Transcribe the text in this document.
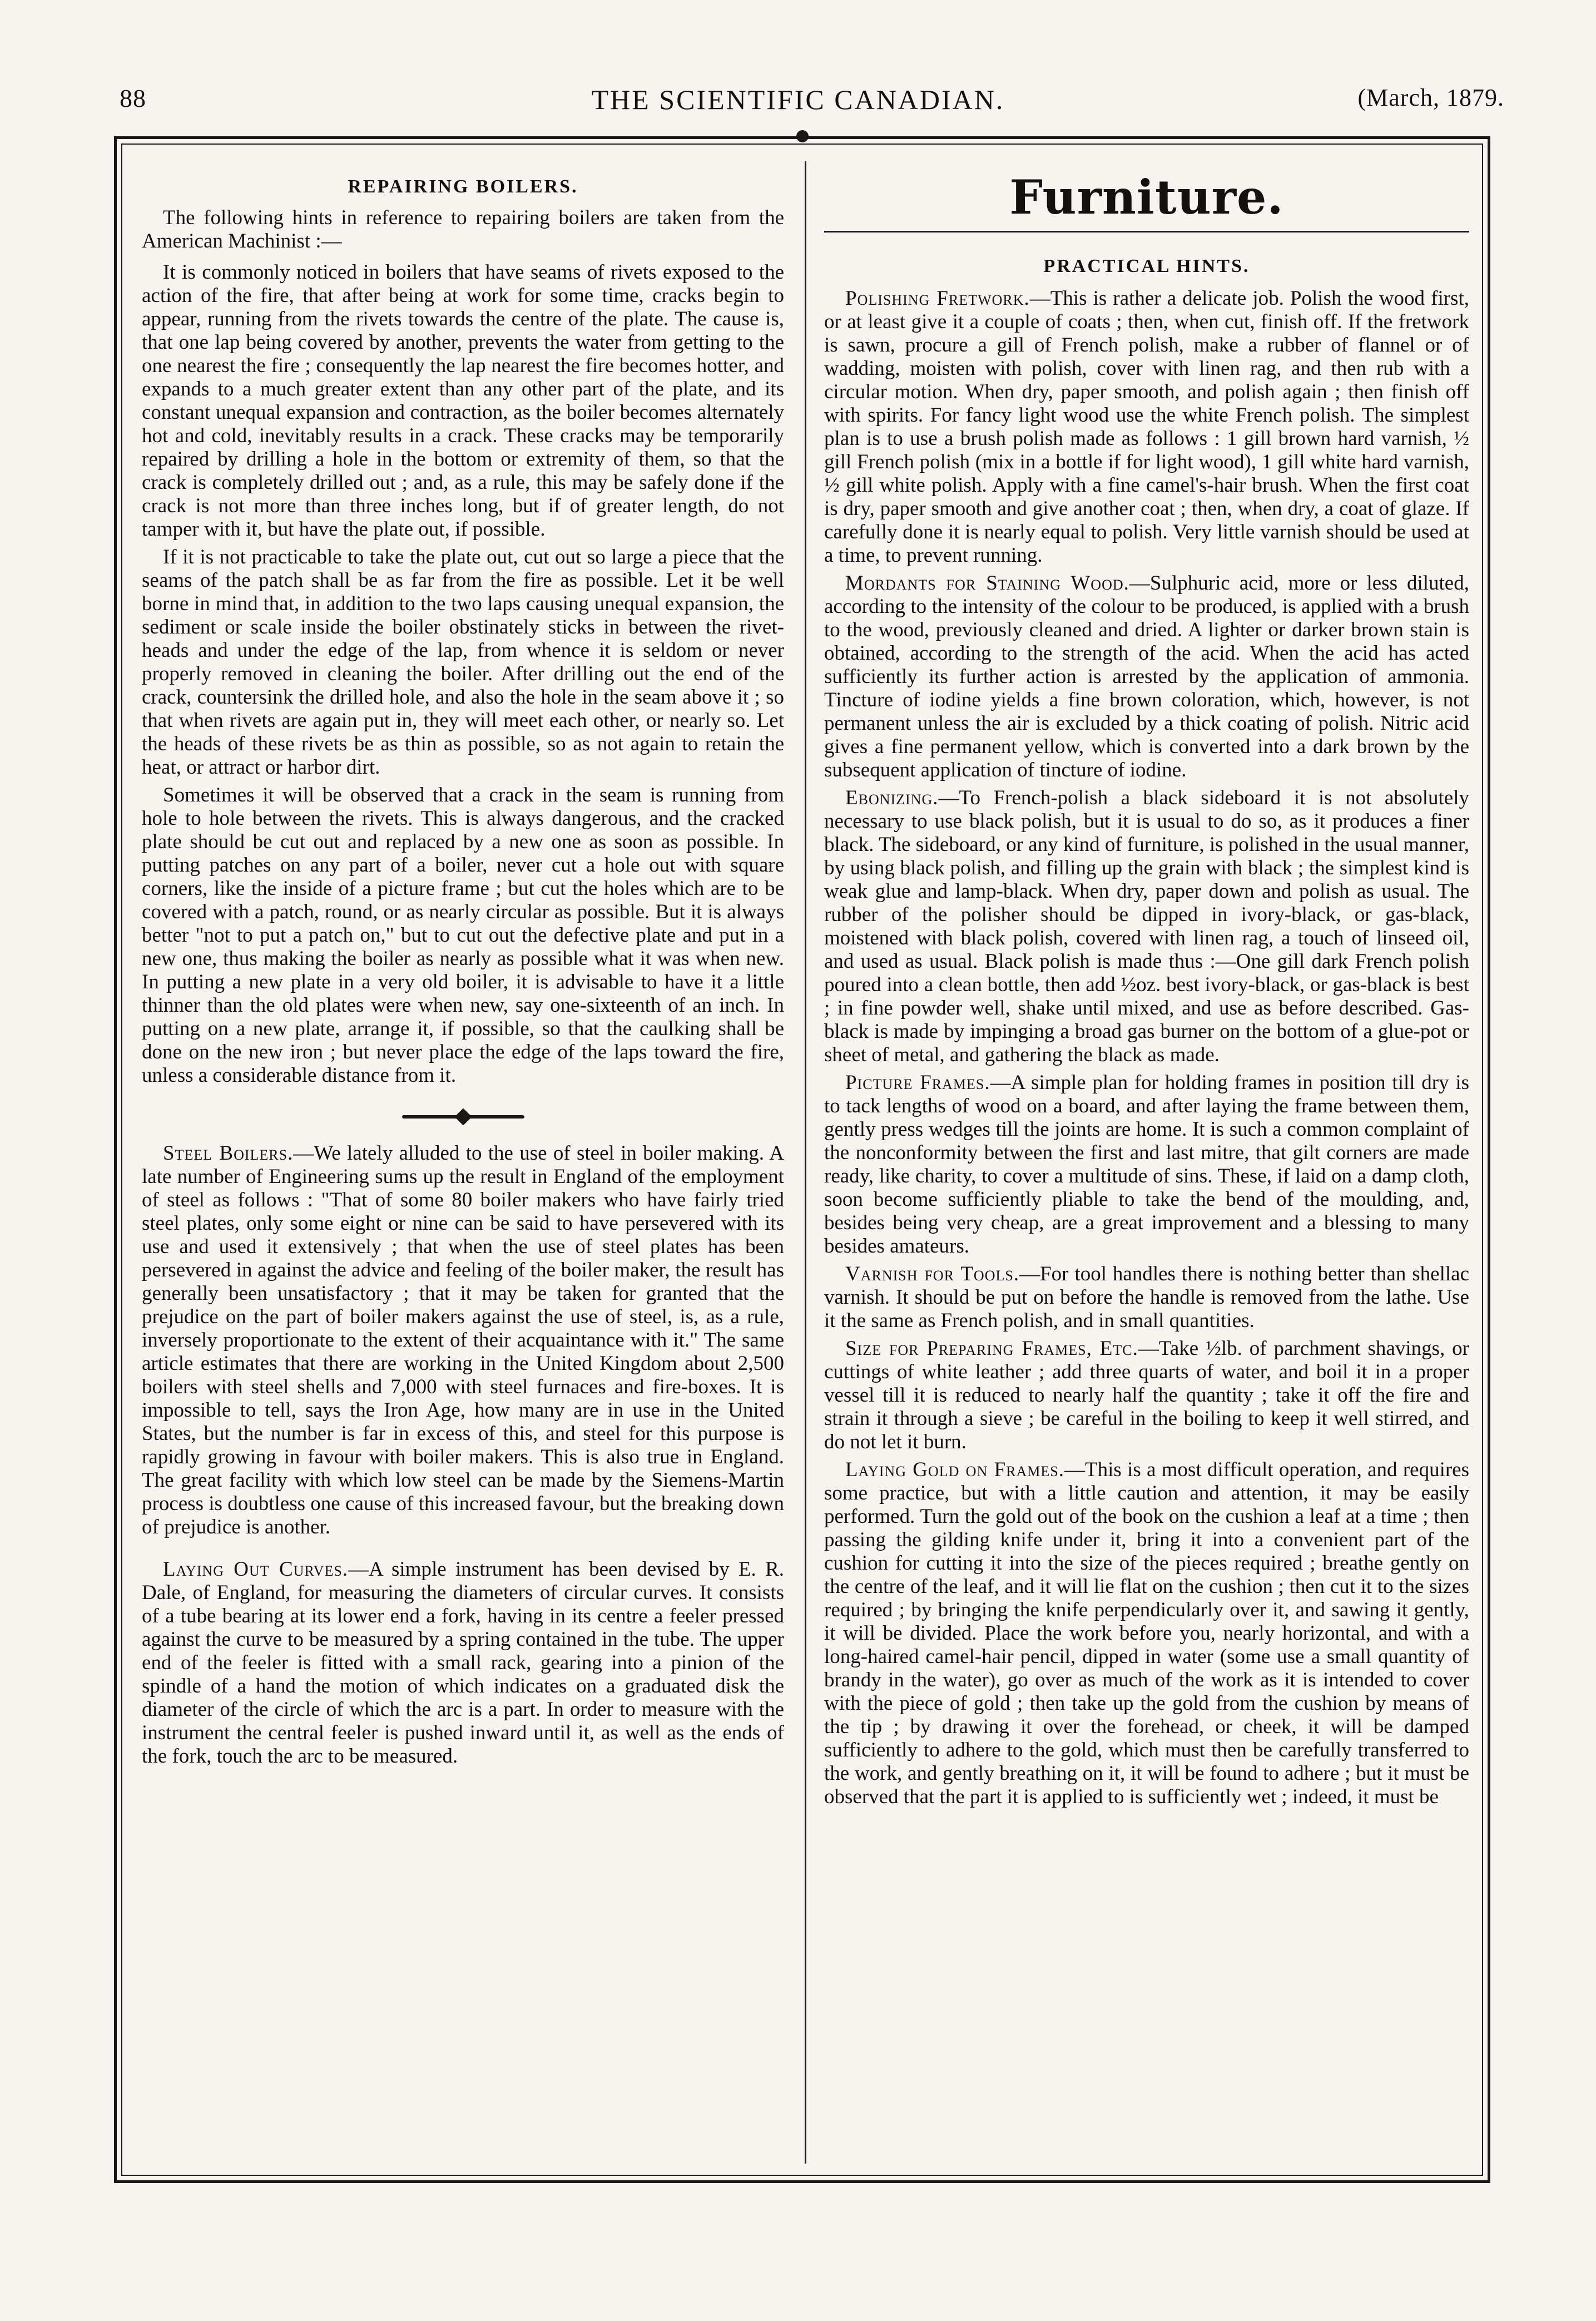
88	THE SCIENTIFIC CANADIAN.	(March, 1879.
REPAIRING BOILERS.

The following hints in reference to repairing boilers are taken from the American Machinist :—

It is commonly noticed in boilers that have seams of rivets exposed to the action of the fire, that after being at work for some time, cracks begin to appear, running from the rivets towards the centre of the plate. The cause is, that one lap being covered by another, prevents the water from getting to the one nearest the fire ; consequently the lap nearest the fire becomes hotter, and expands to a much greater extent than any other part of the plate, and its constant unequal expansion and contraction, as the boiler becomes alternately hot and cold, inevitably results in a crack. These cracks may be temporarily repaired by drilling a hole in the bottom or extremity of them, so that the crack is completely drilled out ; and, as a rule, this may be safely done if the crack is not more than three inches long, but if of greater length, do not tamper with it, but have the plate out, if possible.

If it is not practicable to take the plate out, cut out so large a piece that the seams of the patch shall be as far from the fire as possible. Let it be well borne in mind that, in addition to the two laps causing unequal expansion, the sediment or scale inside the boiler obstinately sticks in between the rivet-heads and under the edge of the lap, from whence it is seldom or never properly removed in cleaning the boiler. After drilling out the end of the crack, countersink the drilled hole, and also the hole in the seam above it ; so that when rivets are again put in, they will meet each other, or nearly so. Let the heads of these rivets be as thin as possible, so as not again to retain the heat, or attract or harbor dirt.

Sometimes it will be observed that a crack in the seam is running from hole to hole between the rivets. This is always dangerous, and the cracked plate should be cut out and replaced by a new one as soon as possible. In putting patches on any part of a boiler, never cut a hole out with square corners, like the inside of a picture frame ; but cut the holes which are to be covered with a patch, round, or as nearly circular as possible. But it is always better "not to put a patch on," but to cut out the defective plate and put in a new one, thus making the boiler as nearly as possible what it was when new. In putting a new plate in a very old boiler, it is advisable to have it a little thinner than the old plates were when new, say one-sixteenth of an inch. In putting on a new plate, arrange it, if possible, so that the caulking shall be done on the new iron ; but never place the edge of the laps toward the fire, unless a considerable distance from it.

Steel Boilers.—We lately alluded to the use of steel in boiler making. A late number of Engineering sums up the result in England of the employment of steel as follows : "That of some 80 boiler makers who have fairly tried steel plates, only some eight or nine can be said to have persevered with its use and used it extensively ; that when the use of steel plates has been persevered in against the advice and feeling of the boiler maker, the result has generally been unsatisfactory ; that it may be taken for granted that the prejudice on the part of boiler makers against the use of steel, is, as a rule, inversely proportionate to the extent of their acquaintance with it." The same article estimates that there are working in the United Kingdom about 2,500 boilers with steel shells and 7,000 with steel furnaces and fire-boxes. It is impossible to tell, says the Iron Age, how many are in use in the United States, but the number is far in excess of this, and steel for this purpose is rapidly growing in favour with boiler makers. This is also true in England. The great facility with which low steel can be made by the Siemens-Martin process is doubtless one cause of this increased favour, but the breaking down of prejudice is another.

Laying Out Curves.—A simple instrument has been devised by E. R. Dale, of England, for measuring the diameters of circular curves. It consists of a tube bearing at its lower end a fork, having in its centre a feeler pressed against the curve to be measured by a spring contained in the tube. The upper end of the feeler is fitted with a small rack, gearing into a pinion of the spindle of a hand the motion of which indicates on a graduated disk the diameter of the circle of which the arc is a part. In order to measure with the instrument the central feeler is pushed inward until it, as well as the ends of the fork, touch the arc to be measured.

Furniture.
PRACTICAL HINTS.

Polishing Fretwork.—This is rather a delicate job. Polish the wood first, or at least give it a couple of coats ; then, when cut, finish off. If the fretwork is sawn, procure a gill of French polish, make a rubber of flannel or of wadding, moisten with polish, cover with linen rag, and then rub with a circular motion. When dry, paper smooth, and polish again ; then finish off with spirits. For fancy light wood use the white French polish. The simplest plan is to use a brush polish made as follows : 1 gill brown hard varnish, ½ gill French polish (mix in a bottle if for light wood), 1 gill white hard varnish, ½ gill white polish. Apply with a fine camel's-hair brush. When the first coat is dry, paper smooth and give another coat ; then, when dry, a coat of glaze. If carefully done it is nearly equal to polish. Very little varnish should be used at a time, to prevent running.

Mordants for Staining Wood.—Sulphuric acid, more or less diluted, according to the intensity of the colour to be produced, is applied with a brush to the wood, previously cleaned and dried. A lighter or darker brown stain is obtained, according to the strength of the acid. When the acid has acted sufficiently its further action is arrested by the application of ammonia. Tincture of iodine yields a fine brown coloration, which, however, is not permanent unless the air is excluded by a thick coating of polish. Nitric acid gives a fine permanent yellow, which is converted into a dark brown by the subsequent application of tincture of iodine.

Ebonizing.—To French-polish a black sideboard it is not absolutely necessary to use black polish, but it is usual to do so, as it produces a finer black. The sideboard, or any kind of furniture, is polished in the usual manner, by using black polish, and filling up the grain with black ; the simplest kind is weak glue and lamp-black. When dry, paper down and polish as usual. The rubber of the polisher should be dipped in ivory-black, or gas-black, moistened with black polish, covered with linen rag, a touch of linseed oil, and used as usual. Black polish is made thus :—One gill dark French polish poured into a clean bottle, then add ½oz. best ivory-black, or gas-black is best ; in fine powder well, shake until mixed, and use as before described. Gas-black is made by impinging a broad gas burner on the bottom of a glue-pot or sheet of metal, and gathering the black as made.

Picture Frames.—A simple plan for holding frames in position till dry is to tack lengths of wood on a board, and after laying the frame between them, gently press wedges till the joints are home. It is such a common complaint of the nonconformity between the first and last mitre, that gilt corners are made ready, like charity, to cover a multitude of sins. These, if laid on a damp cloth, soon become sufficiently pliable to take the bend of the moulding, and, besides being very cheap, are a great improvement and a blessing to many besides amateurs.

Varnish for Tools.—For tool handles there is nothing better than shellac varnish. It should be put on before the handle is removed from the lathe. Use it the same as French polish, and in small quantities.

Size for Preparing Frames, Etc.—Take ½lb. of parchment shavings, or cuttings of white leather ; add three quarts of water, and boil it in a proper vessel till it is reduced to nearly half the quantity ; take it off the fire and strain it through a sieve ; be careful in the boiling to keep it well stirred, and do not let it burn.

Laying Gold on Frames.—This is a most difficult operation, and requires some practice, but with a little caution and attention, it may be easily performed. Turn the gold out of the book on the cushion a leaf at a time ; then passing the gilding knife under it, bring it into a convenient part of the cushion for cutting it into the size of the pieces required ; breathe gently on the centre of the leaf, and it will lie flat on the cushion ; then cut it to the sizes required ; by bringing the knife perpendicularly over it, and sawing it gently, it will be divided. Place the work before you, nearly horizontal, and with a long-haired camel-hair pencil, dipped in water (some use a small quantity of brandy in the water), go over as much of the work as it is intended to cover with the piece of gold ; then take up the gold from the cushion by means of the tip ; by drawing it over the forehead, or cheek, it will be damped sufficiently to adhere to the gold, which must then be carefully transferred to the work, and gently breathing on it, it will be found to adhere ; but it must be observed that the part it is applied to is sufficiently wet ; indeed, it must be
